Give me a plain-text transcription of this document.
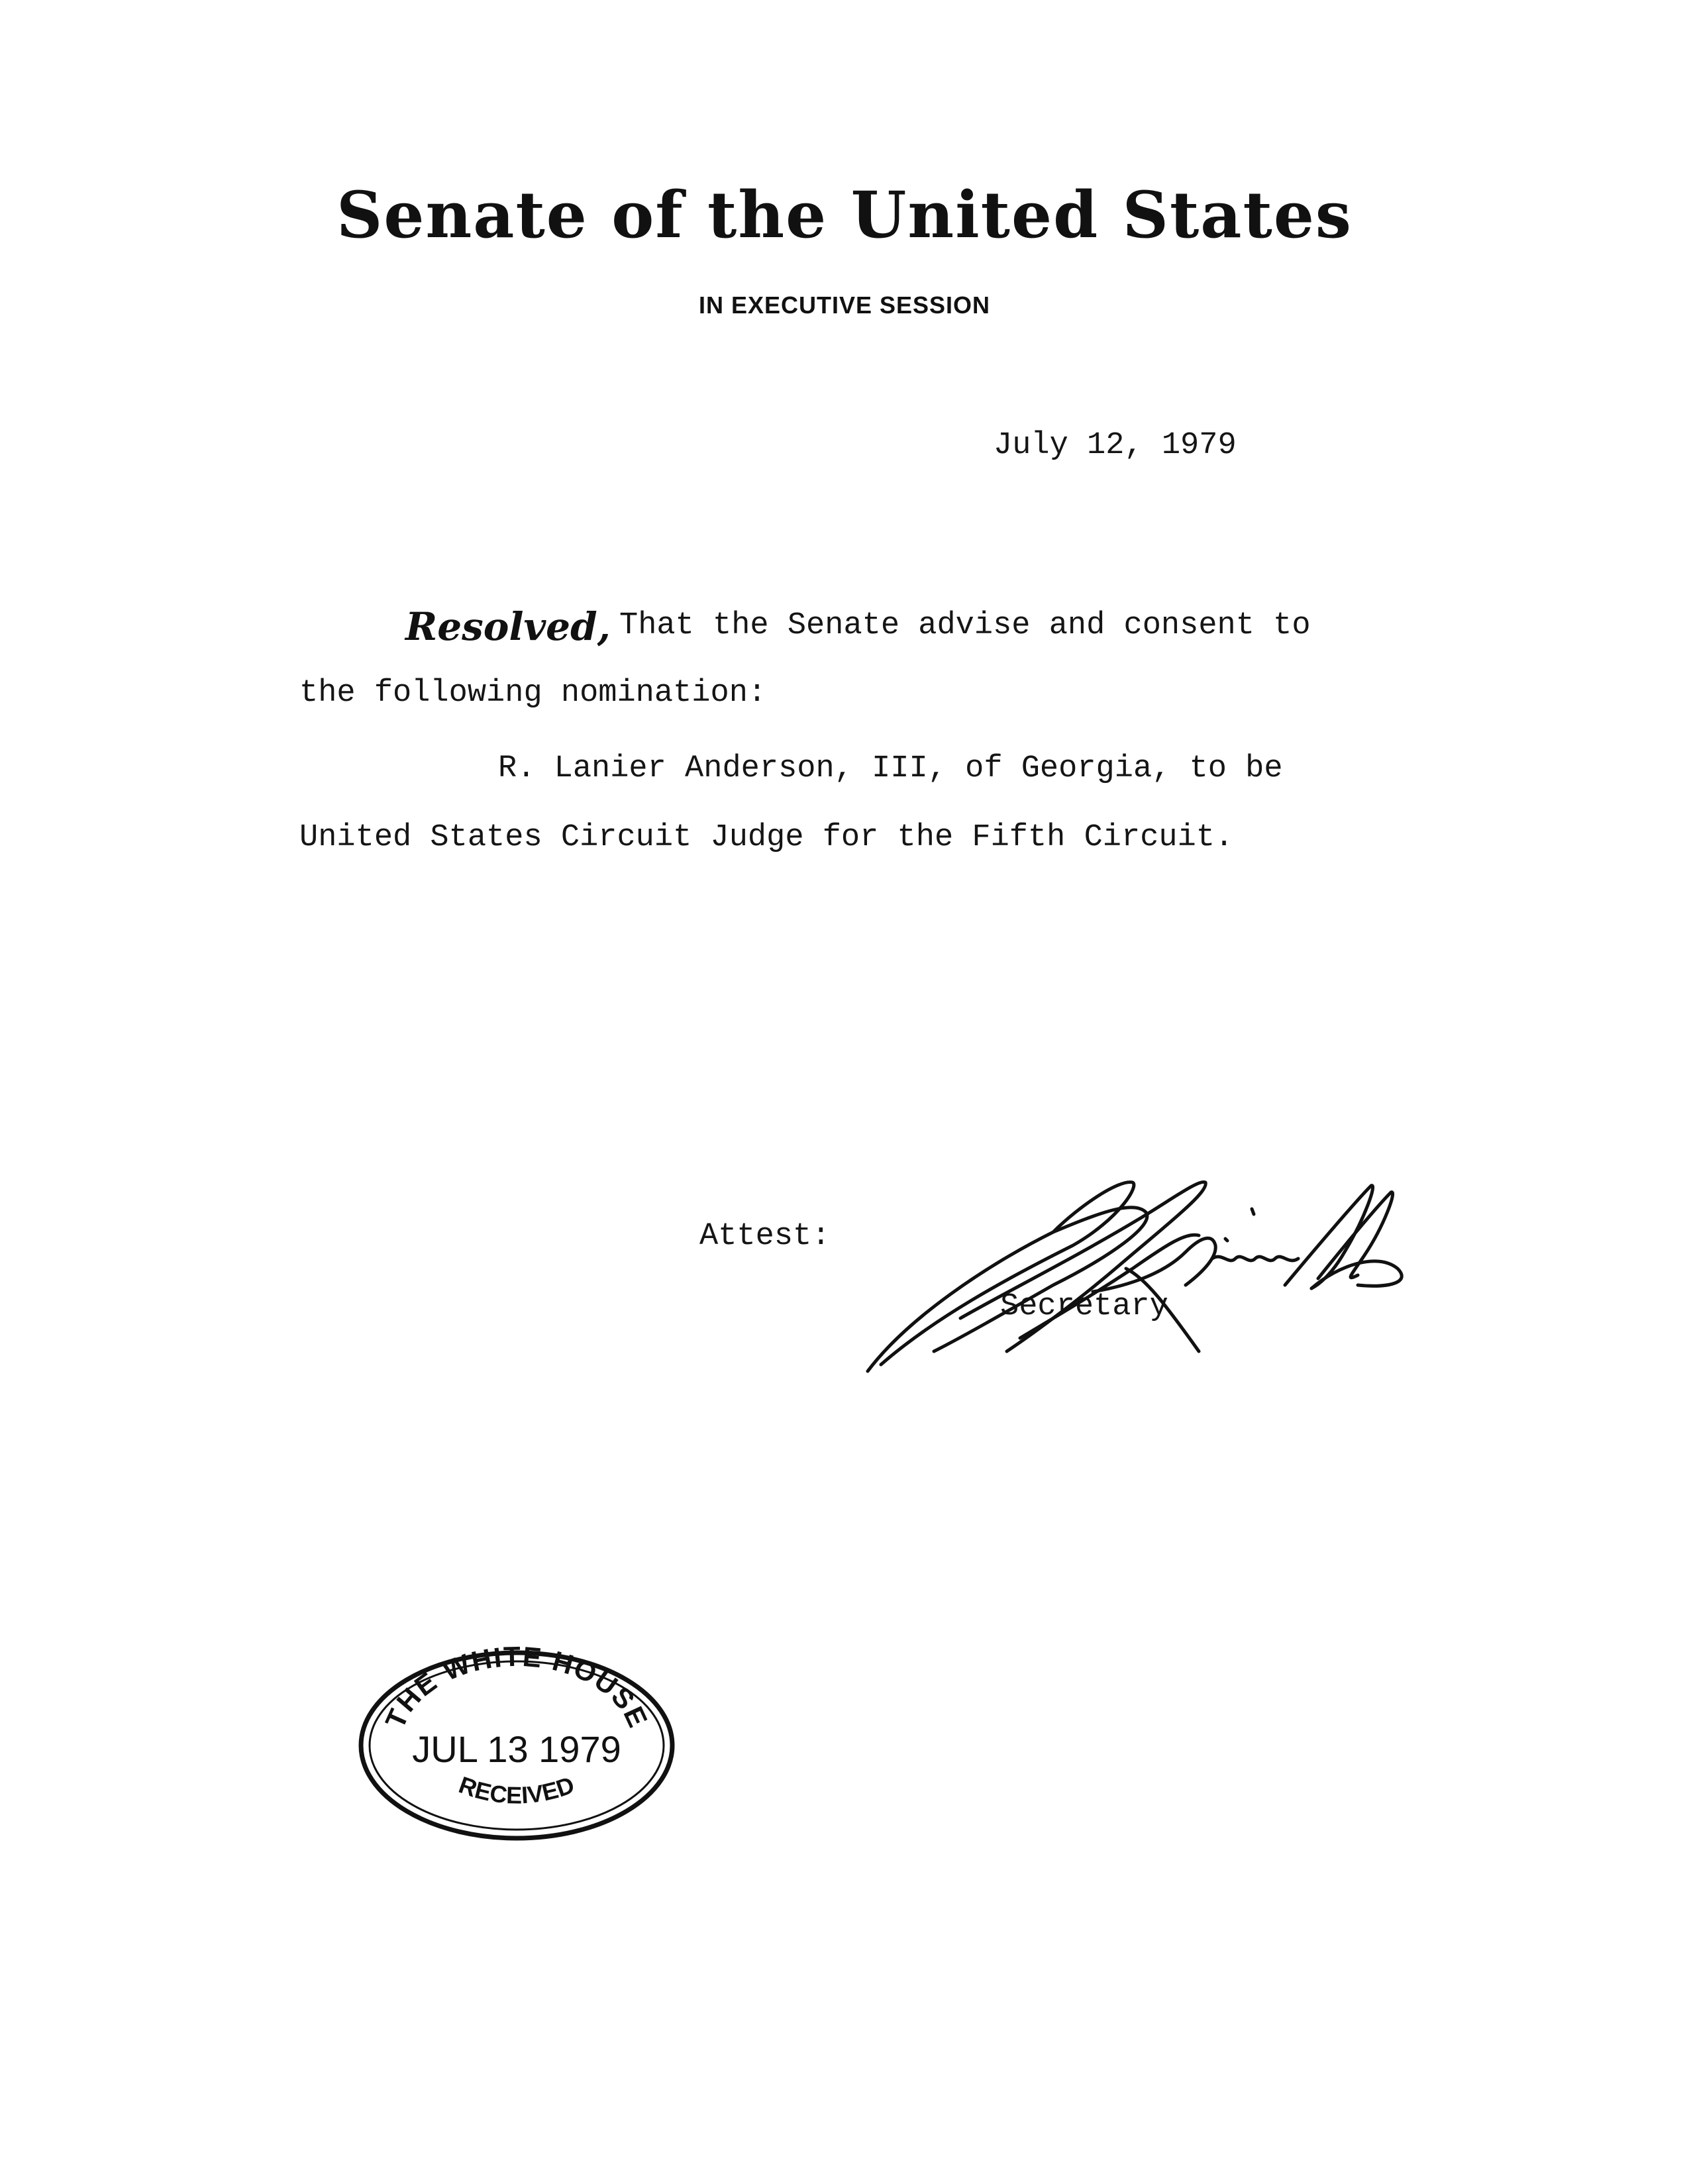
Senate of the United States
IN EXECUTIVE SESSION
July 12, 1979
Resolved, That the Senate advise and consent to
the following nomination:
R. Lanier Anderson, III, of Georgia, to be
United States Circuit Judge for the Fifth Circuit.
Attest:
Secretary
THE WHITE HOUSE
JUL 13 1979
RECEIVED
